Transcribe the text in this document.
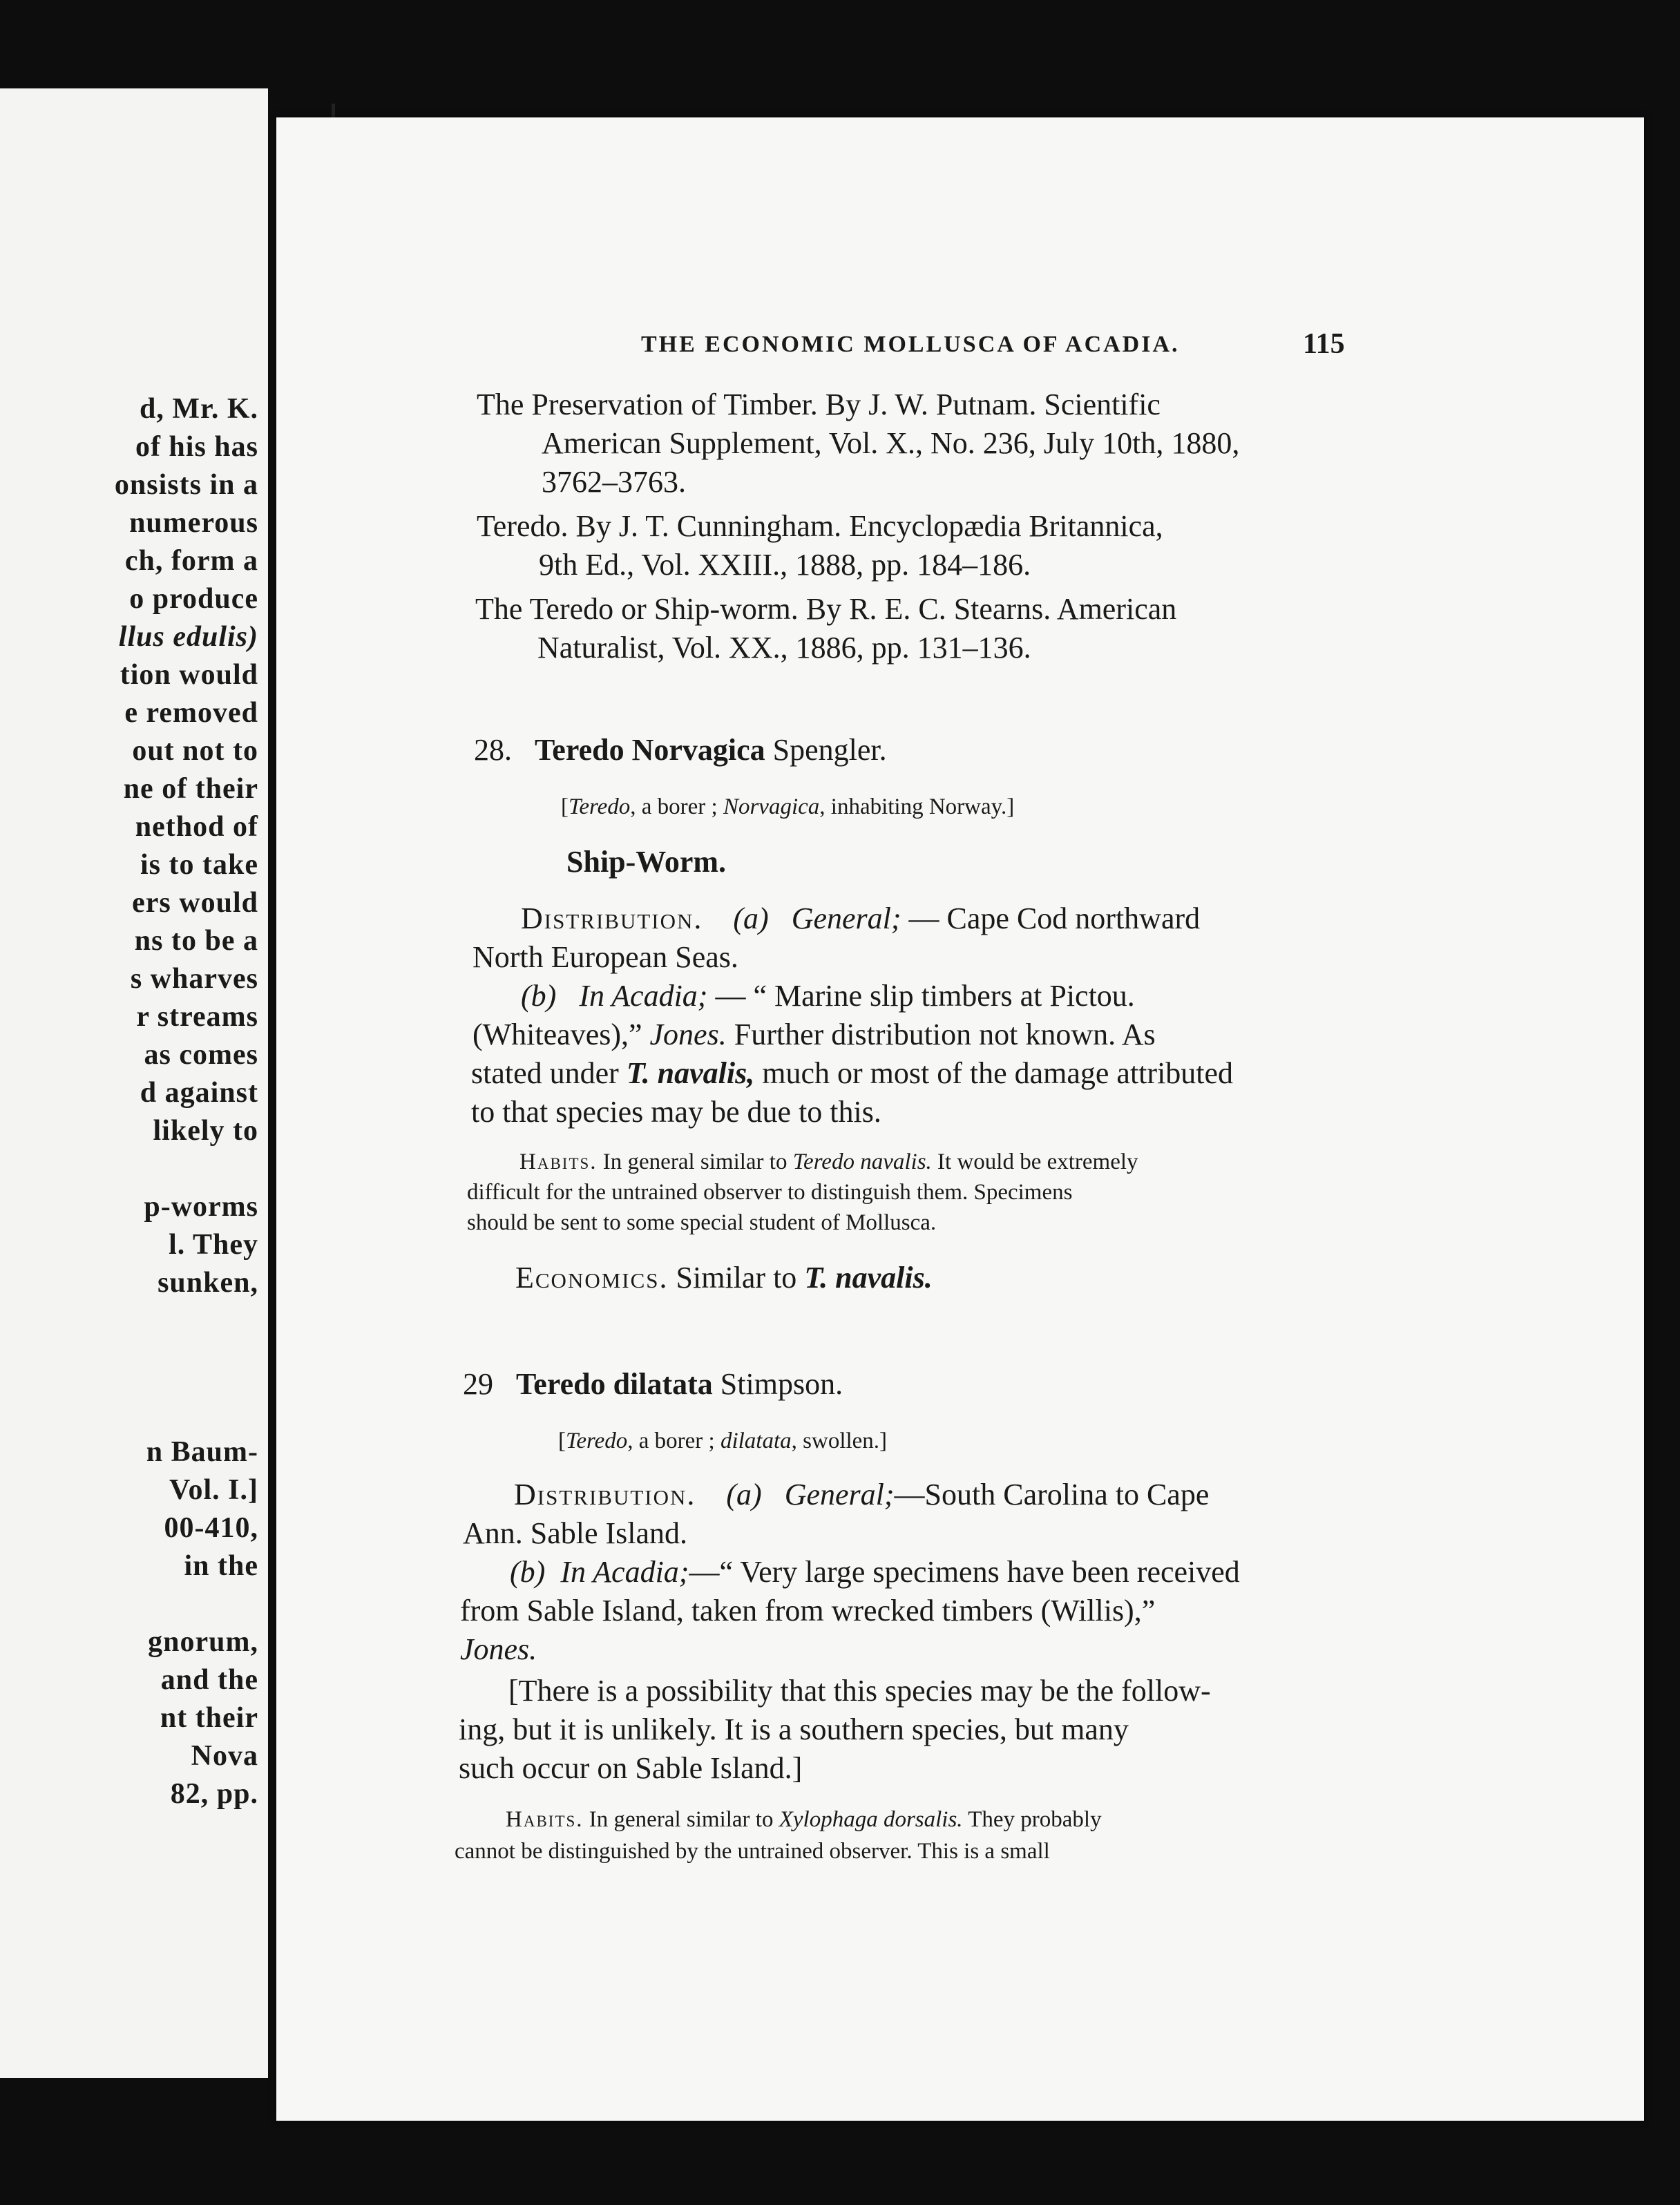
d, Mr. K.
of his has
onsists in a
numerous
ch, form a
o produce
llus edulis)
tion would
e removed
out not to
ne of their
nethod of
is to take
ers would
ns to be a
s wharves
r streams
as comes
d against
likely to
p-worms
l. They
sunken,
n Baum-
Vol. I.]
00-410,
in the
gnorum,
and the
nt their
Nova
82, pp.
THE ECONOMIC MOLLUSCA OF ACADIA.	115
The Preservation of Timber. By J. W. Putnam. Scientific
American Supplement, Vol. X., No. 236, July 10th, 1880,
3762–3763.
Teredo. By J. T. Cunningham. Encyclopædia Britannica,
9th Ed., Vol. XXIII., 1888, pp. 184–186.
The Teredo or Ship-worm. By R. E. C. Stearns. American
Naturalist, Vol. XX., 1886, pp. 131–136.
28. Teredo Norvagica Spengler.
[Teredo, a borer ; Norvagica, inhabiting Norway.]
Ship-Worm.
Distribution. (a) General; — Cape Cod northward
North European Seas.
(b) In Acadia; — “ Marine slip timbers at Pictou.
(Whiteaves),” Jones. Further distribution not known. As
stated under T. navalis, much or most of the damage attributed
to that species may be due to this.
Habits. In general similar to Teredo navalis. It would be extremely
difficult for the untrained observer to distinguish them. Specimens
should be sent to some special student of Mollusca.
Economics. Similar to T. navalis.
29 Teredo dilatata Stimpson.
[Teredo, a borer ; dilatata, swollen.]
Distribution. (a) General;—South Carolina to Cape
Ann. Sable Island.
(b) In Acadia;—“ Very large specimens have been received
from Sable Island, taken from wrecked timbers (Willis),”
Jones.
[There is a possibility that this species may be the follow-
ing, but it is unlikely. It is a southern species, but many
such occur on Sable Island.]
Habits. In general similar to Xylophaga dorsalis. They probably
cannot be distinguished by the untrained observer. This is a small
